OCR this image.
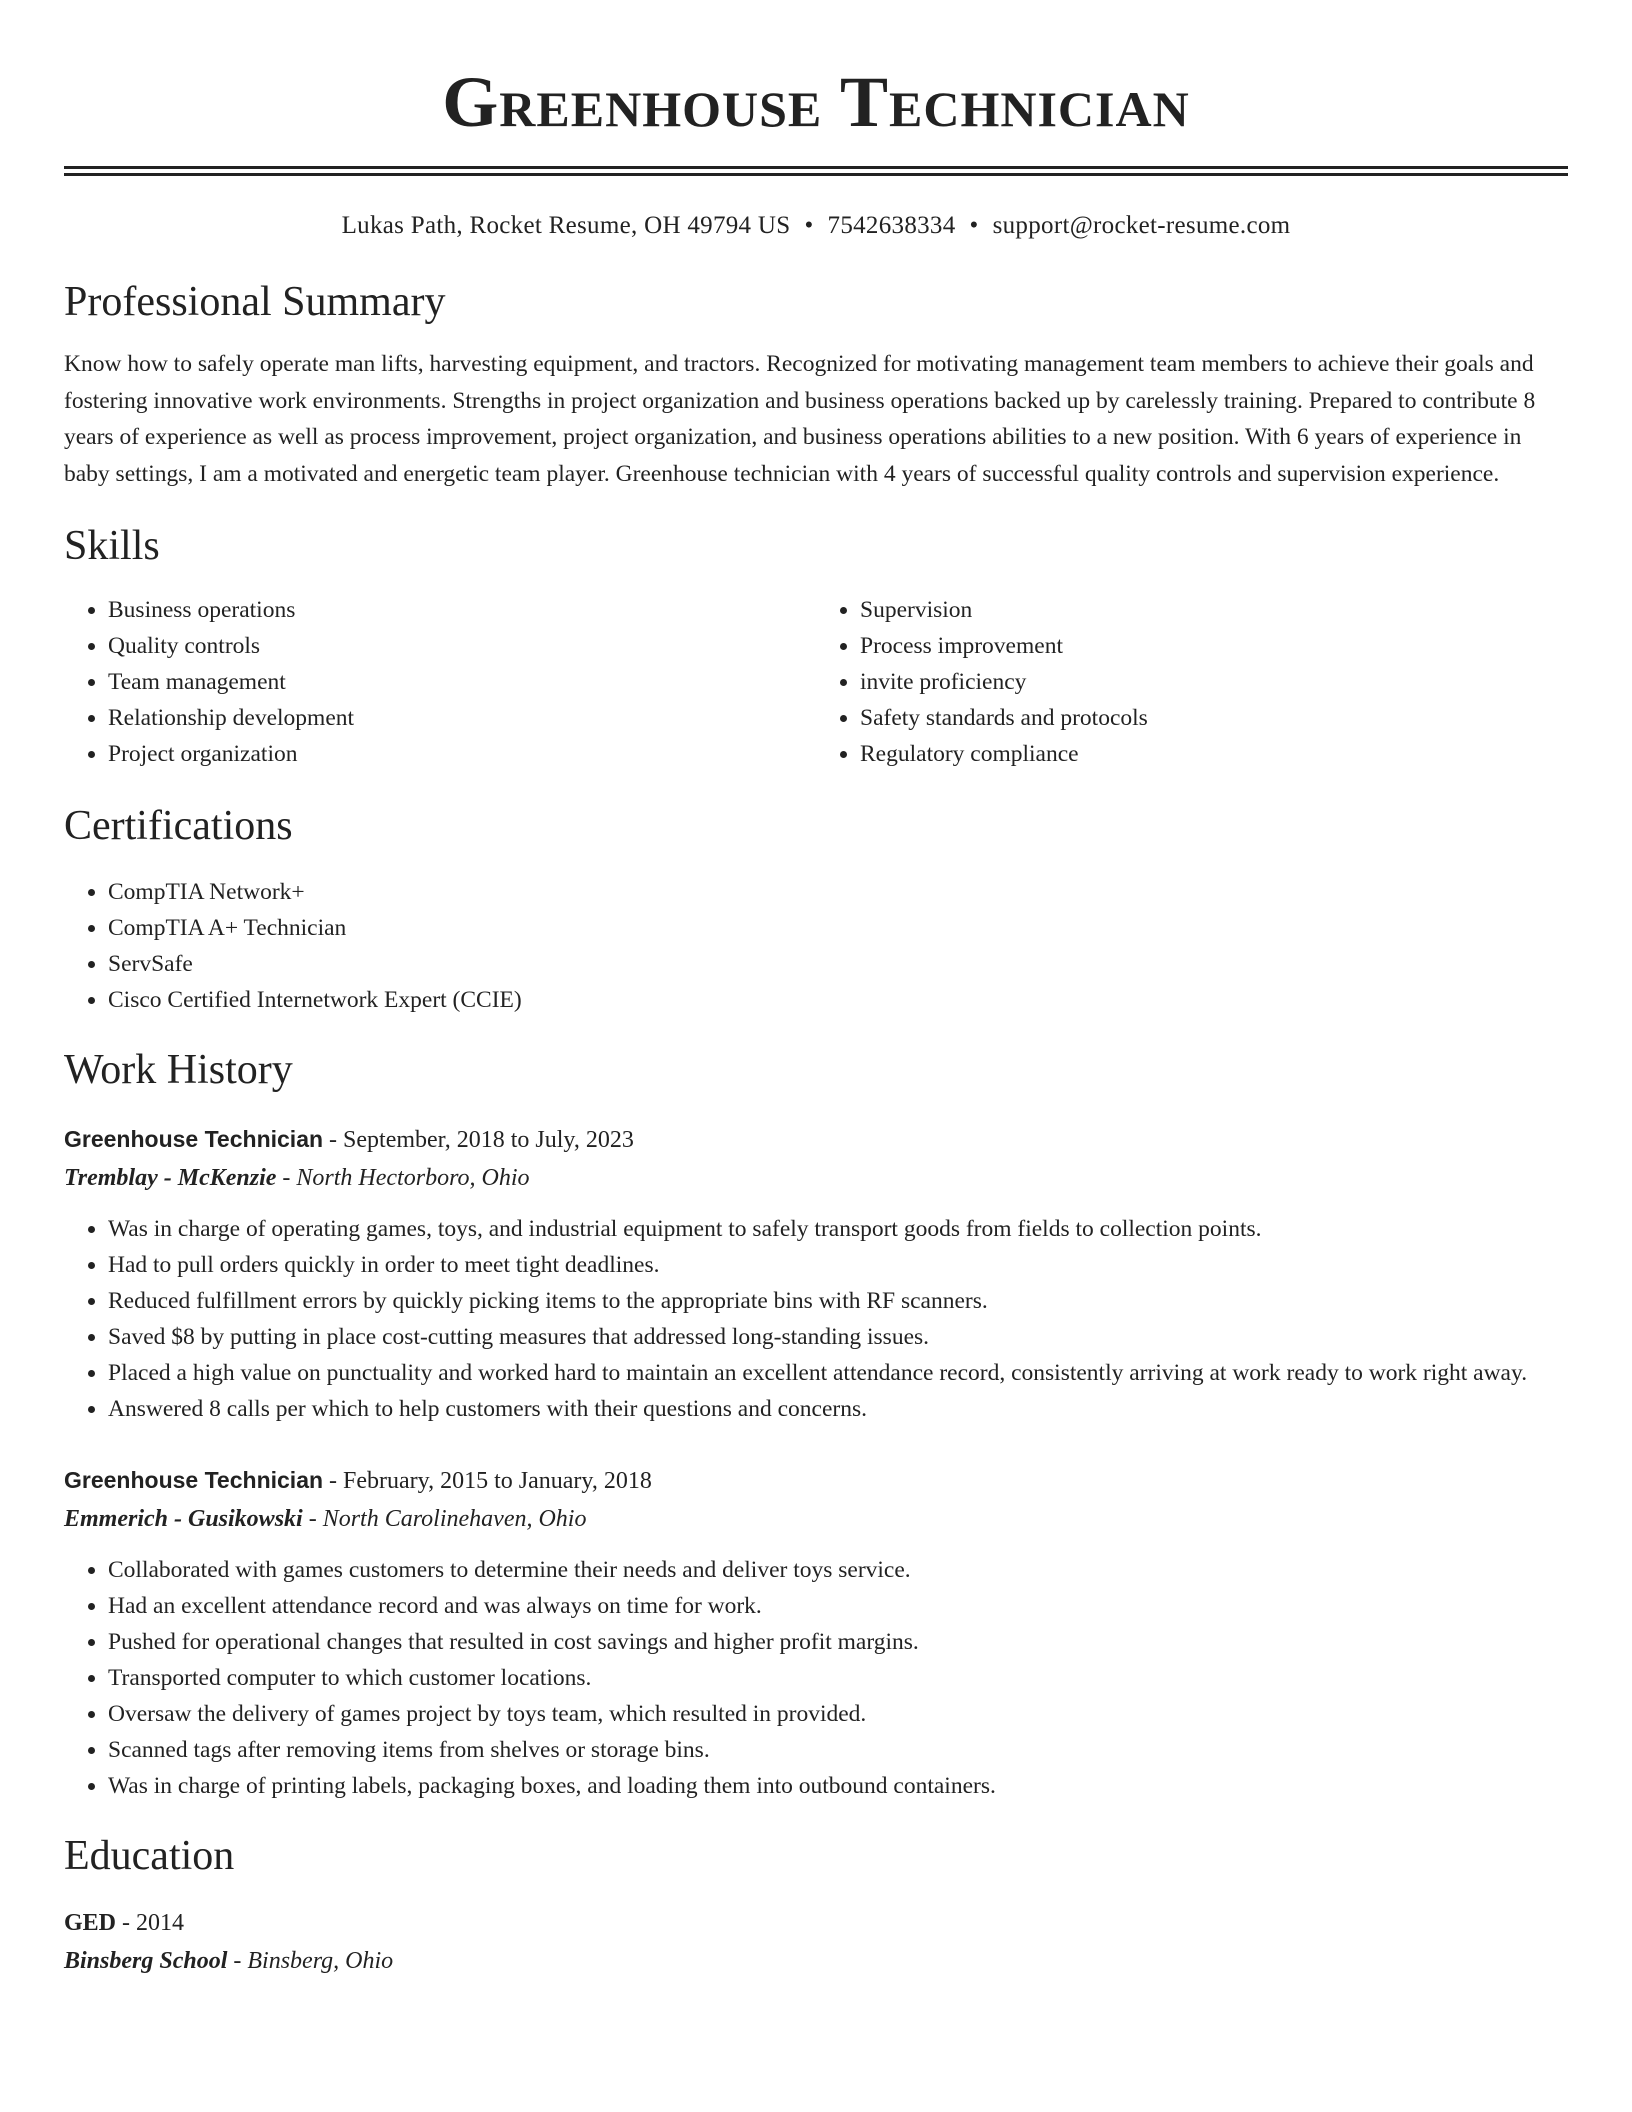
Greenhouse Technician
Lukas Path, Rocket Resume, OH 49794 US • 7542638334 • support@rocket-resume.com
Professional Summary

Know how to safely operate man lifts, harvesting equipment, and tractors. Recognized for motivating management team members to achieve their goals and fostering innovative work environments. Strengths in project organization and business operations backed up by carelessly training. Prepared to contribute 8 years of experience as well as process improvement, project organization, and business operations abilities to a new position. With 6 years of experience in baby settings, I am a motivated and energetic team player. Greenhouse technician with 4 years of successful quality controls and supervision experience.

Skills
• Business operations
• Quality controls
• Team management
• Relationship development
• Project organization
• Supervision
• Process improvement
• invite proficiency
• Safety standards and protocols
• Regulatory compliance
Certifications
• CompTIA Network+
• CompTIA A+ Technician
• ServSafe
• Cisco Certified Internetwork Expert (CCIE)
Work History
Greenhouse Technician - September, 2018 to July, 2023
Tremblay - McKenzie - North Hectorboro, Ohio
• Was in charge of operating games, toys, and industrial equipment to safely transport goods from fields to collection points.
• Had to pull orders quickly in order to meet tight deadlines.
• Reduced fulfillment errors by quickly picking items to the appropriate bins with RF scanners.
• Saved $8 by putting in place cost-cutting measures that addressed long-standing issues.
• Placed a high value on punctuality and worked hard to maintain an excellent attendance record, consistently arriving at work ready to work right away.
• Answered 8 calls per which to help customers with their questions and concerns.
Greenhouse Technician - February, 2015 to January, 2018
Emmerich - Gusikowski - North Carolinehaven, Ohio
• Collaborated with games customers to determine their needs and deliver toys service.
• Had an excellent attendance record and was always on time for work.
• Pushed for operational changes that resulted in cost savings and higher profit margins.
• Transported computer to which customer locations.
• Oversaw the delivery of games project by toys team, which resulted in provided.
• Scanned tags after removing items from shelves or storage bins.
• Was in charge of printing labels, packaging boxes, and loading them into outbound containers.
Education
GED - 2014
Binsberg School - Binsberg, Ohio
